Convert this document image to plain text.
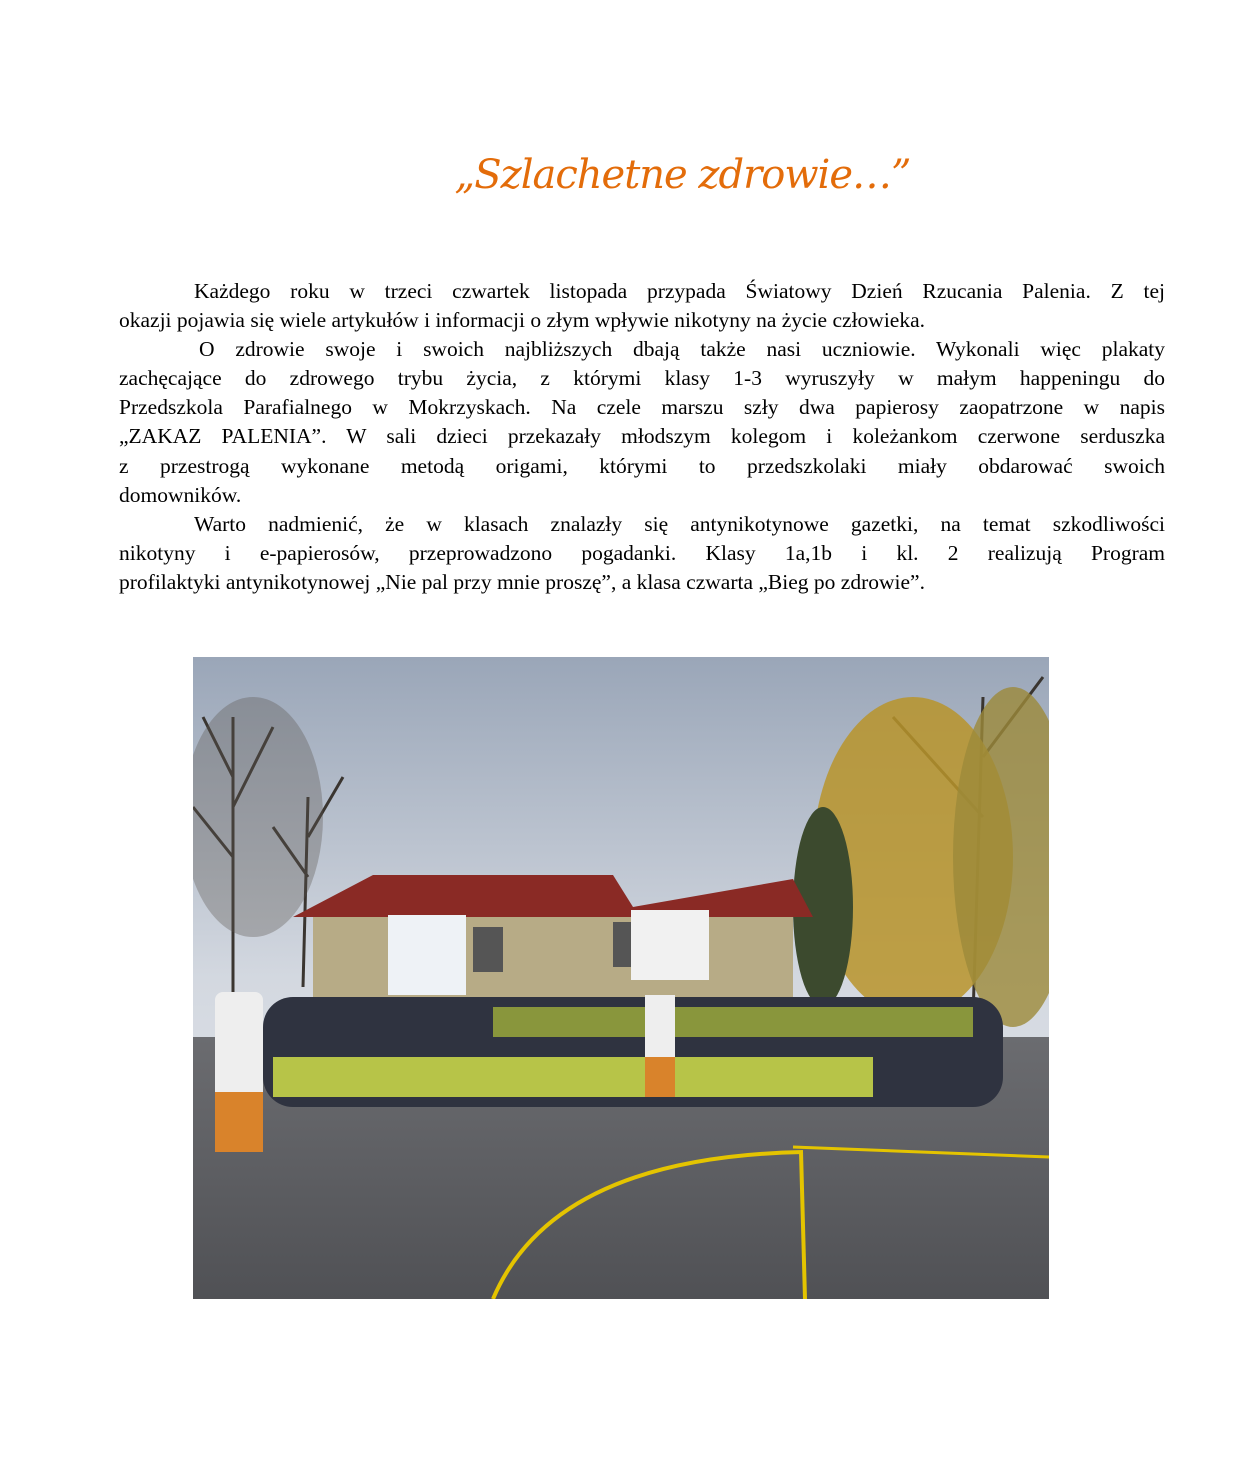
„Szlachetne zdrowie…”
Każdego roku w trzeci czwartek listopada przypada Światowy Dzień Rzucania Palenia. Z tej
okazji pojawia się wiele artykułów i informacji o złym wpływie nikotyny na życie człowieka.
O zdrowie swoje i swoich najbliższych dbają także nasi uczniowie. Wykonali więc plakaty
zachęcające do zdrowego trybu życia, z którymi klasy 1-3 wyruszyły w małym happeningu do
Przedszkola Parafialnego w Mokrzyskach. Na czele marszu szły dwa papierosy zaopatrzone w napis
„ZAKAZ PALENIA”. W sali dzieci przekazały młodszym kolegom i koleżankom czerwone serduszka
z przestrogą wykonane metodą origami, którymi to przedszkolaki miały obdarować swoich
domowników.
Warto nadmienić, że w klasach znalazły się antynikotynowe gazetki, na temat szkodliwości
nikotyny i e-papierosów, przeprowadzono pogadanki. Klasy 1a,1b i kl. 2 realizują Program
profilaktyki antynikotynowej „Nie pal przy mnie proszę”, a klasa czwarta „Bieg po zdrowie”.
